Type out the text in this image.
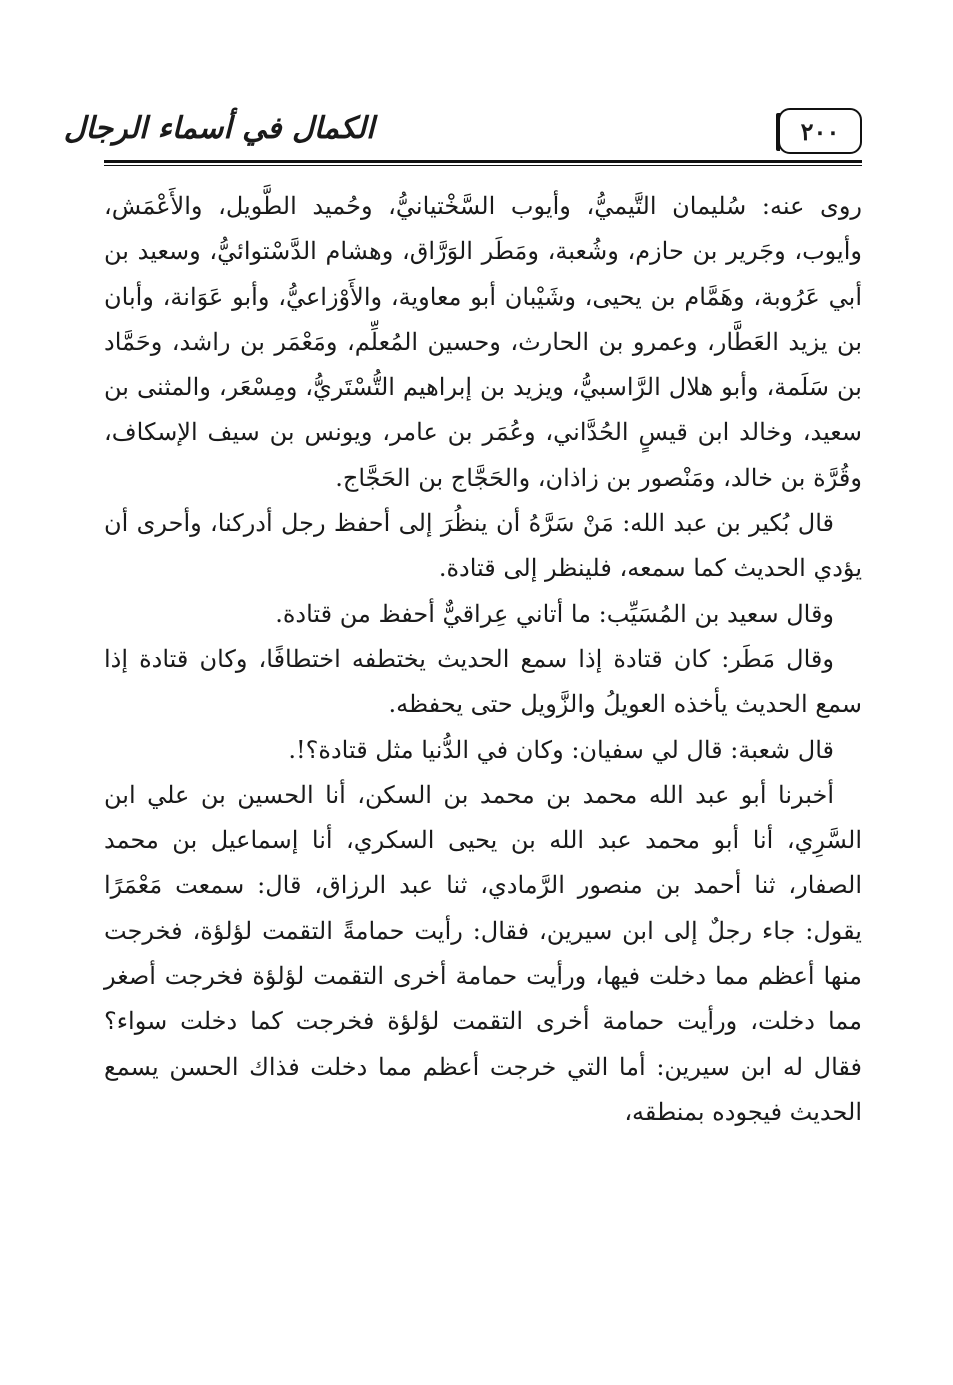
٢٠٠
الكمال في أسماء الرجال

روى عنه: سُليمان التَّيميُّ، وأيوب السَّخْتيانيُّ، وحُميد الطَّويل، والأَعْمَش، وأيوب، وجَرير بن حازم، وشُعبة، ومَطَر الوَرَّاق، وهشام الدَّسْتوائيُّ، وسعيد بن أبي عَرُوبة، وهَمَّام بن يحيى، وشَيْبان أبو معاوية، والأَوْزاعيُّ، وأبو عَوَانة، وأبان بن يزيد العَطَّار، وعمرو بن الحارث، وحسين المُعلِّم، ومَعْمَر بن راشد، وحَمَّاد بن سَلَمة، وأبو هلال الرَّاسبيُّ، ويزيد بن إبراهيم التُّسْتَريُّ، ومِسْعَر، والمثنى بن سعيد، وخالد ابن قيسٍ الحُدَّاني، وعُمَر بن عامر، ويونس بن سيف الإسكاف، وقُرَّة بن خالد، ومَنْصور بن زاذان، والحَجَّاج بن الحَجَّاج.

قال بُكير بن عبد الله: مَنْ سَرَّهُ أن ينظُرَ إلى أحفظ رجل أدركنا، وأحرى أن يؤدي الحديث كما سمعه، فلينظر إلى قتادة.

وقال سعيد بن المُسَيِّب: ما أتاني عِراقيٌّ أحفظ من قتادة.

وقال مَطَر: كان قتادة إذا سمع الحديث يختطفه اختطافًا، وكان قتادة إذا سمع الحديث يأخذه العويلُ والزَّويل حتى يحفظه.

قال شعبة: قال لي سفيان: وكان في الدُّنيا مثل قتادة؟!.

أخبرنا أبو عبد الله محمد بن محمد بن السكن، أنا الحسين بن علي ابن السَّرِي، أنا أبو محمد عبد الله بن يحيى السكري، أنا إسماعيل بن محمد الصفار، ثنا أحمد بن منصور الرَّمادي، ثنا عبد الرزاق، قال: سمعت مَعْمَرًا يقول: جاء رجلٌ إلى ابن سيرين، فقال: رأيت حمامةً التقمت لؤلؤة، فخرجت منها أعظم مما دخلت فيها، ورأيت حمامة أخرى التقمت لؤلؤة فخرجت أصغر مما دخلت، ورأيت حمامة أخرى التقمت لؤلؤة فخرجت كما دخلت سواء؟ فقال له ابن سيرين: أما التي خرجت أعظم مما دخلت فذاك الحسن يسمع الحديث فيجوده بمنطقه،
